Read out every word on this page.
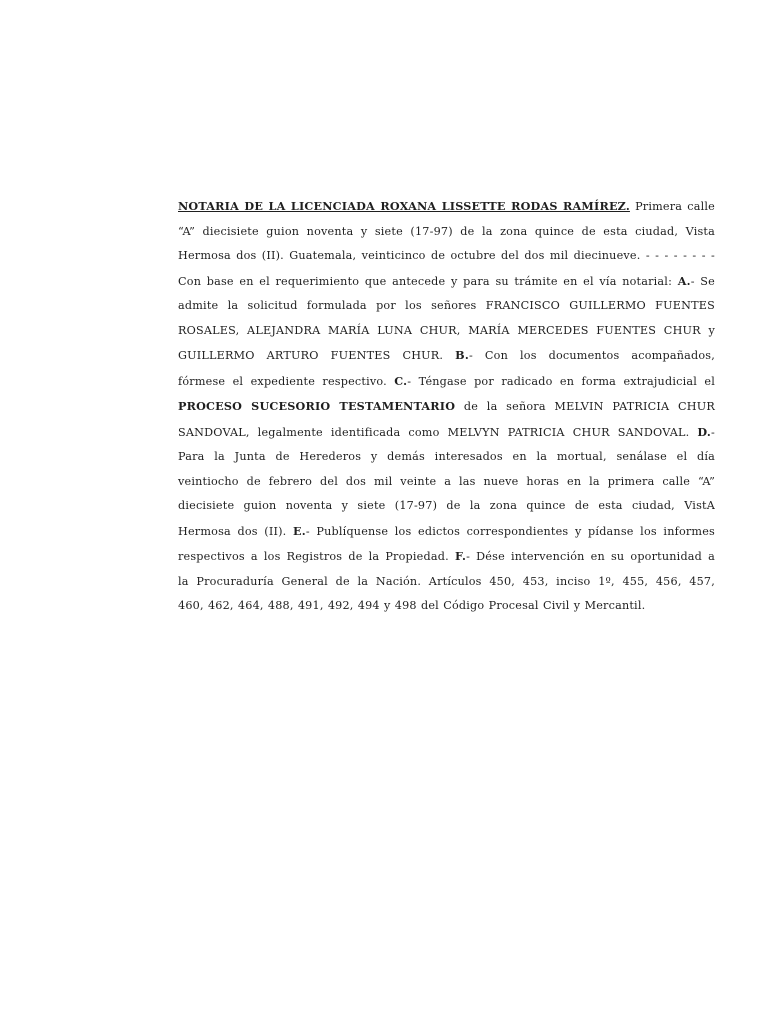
NOTARIA DE LA LICENCIADA ROXANA LISSETTE RODAS RAMÍREZ. Primera calle
“A” diecisiete guion noventa y siete (17-97) de la zona quince de esta ciudad, Vista
Hermosa dos (II). Guatemala, veinticinco de octubre del dos mil diecinueve. - - - - - - - -
Con base en el requerimiento que antecede y para su trámite en el vía notarial: A.- Se
admite la solicitud formulada por los señores FRANCISCO GUILLERMO FUENTES
ROSALES, ALEJANDRA MARÍA LUNA CHUR, MARÍA MERCEDES FUENTES CHUR y
GUILLERMO ARTURO FUENTES CHUR. B.- Con los documentos acompañados,
fórmese el expediente respectivo. C.- Téngase por radicado en forma extrajudicial el
PROCESO SUCESORIO TESTAMENTARIO de la señora MELVIN PATRICIA CHUR
SANDOVAL, legalmente identificada como MELVYN PATRICIA CHUR SANDOVAL. D.-
Para la Junta de Herederos y demás interesados en la mortual, senálase el día
veintiocho de febrero del dos mil veinte a las nueve horas en la primera calle “A”
diecisiete guion noventa y siete (17-97) de la zona quince de esta ciudad, VistA
Hermosa dos (II). E.- Publíquense los edictos correspondientes y pídanse los informes
respectivos a los Registros de la Propiedad. F.- Dése intervención en su oportunidad a
la Procuraduría General de la Nación. Artículos 450, 453, inciso 1º, 455, 456, 457,
460, 462, 464, 488, 491, 492, 494 y 498 del Código Procesal Civil y Mercantil.
